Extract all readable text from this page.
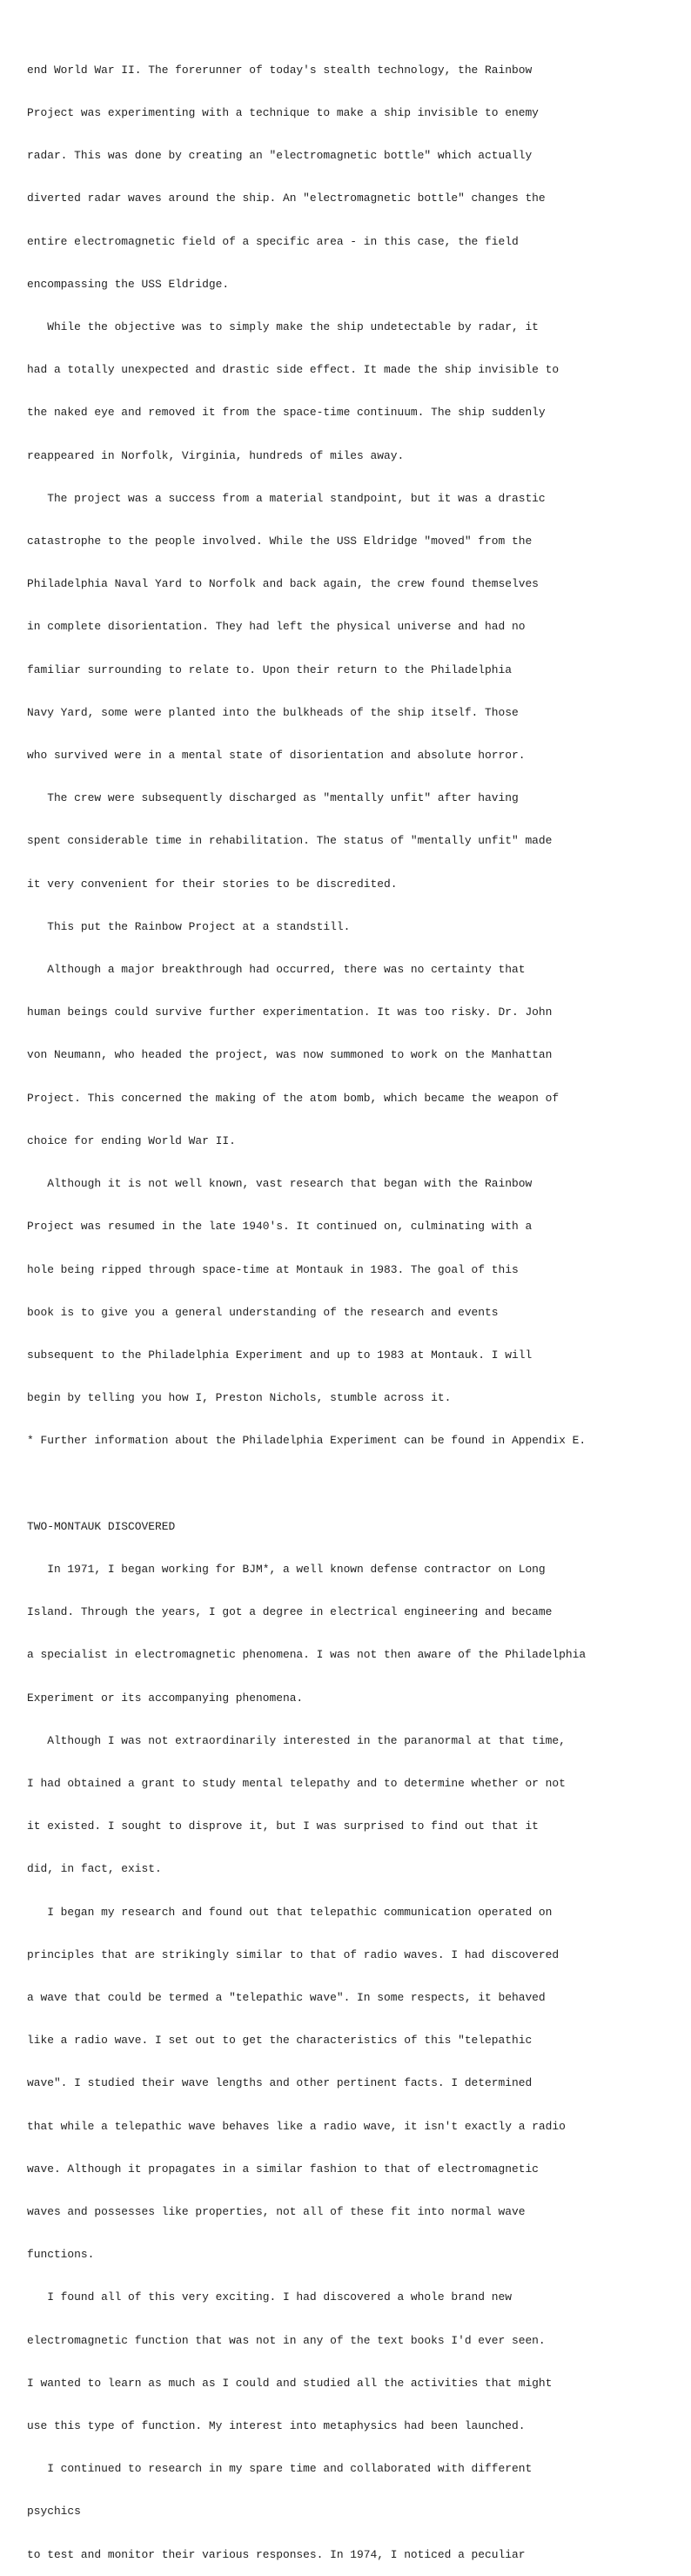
end World War II. The forerunner of today's stealth technology, the Rainbow

Project was experimenting with a technique to make a ship invisible to enemy

radar. This was done by creating an "electromagnetic bottle" which actually

diverted radar waves around the ship. An "electromagnetic bottle" changes the

entire electromagnetic field of a specific area - in this case, the field

encompassing the USS Eldridge.

While the objective was to simply make the ship undetectable by radar, it

had a totally unexpected and drastic side effect. It made the ship invisible to

the naked eye and removed it from the space-time continuum. The ship suddenly

reappeared in Norfolk, Virginia, hundreds of miles away.

The project was a success from a material standpoint, but it was a drastic

catastrophe to the people involved. While the USS Eldridge "moved" from the

Philadelphia Naval Yard to Norfolk and back again, the crew found themselves

in complete disorientation. They had left the physical universe and had no

familiar surrounding to relate to. Upon their return to the Philadelphia

Navy Yard, some were planted into the bulkheads of the ship itself. Those

who survived were in a mental state of disorientation and absolute horror.

The crew were subsequently discharged as "mentally unfit" after having

spent considerable time in rehabilitation. The status of "mentally unfit" made

it very convenient for their stories to be discredited.

This put the Rainbow Project at a standstill.

Although a major breakthrough had occurred, there was no certainty that

human beings could survive further experimentation. It was too risky. Dr. John

von Neumann, who headed the project, was now summoned to work on the Manhattan

Project. This concerned the making of the atom bomb, which became the weapon of

choice for ending World War II.

Although it is not well known, vast research that began with the Rainbow

Project was resumed in the late 1940's. It continued on, culminating with a

hole being ripped through space-time at Montauk in 1983. The goal of this

book is to give you a general understanding of the research and events

subsequent to the Philadelphia Experiment and up to 1983 at Montauk. I will

begin by telling you how I, Preston Nichols, stumble across it.

* Further information about the Philadelphia Experiment can be found in Appendix E.

TWO-MONTAUK DISCOVERED

In 1971, I began working for BJM*, a well known defense contractor on Long

Island. Through the years, I got a degree in electrical engineering and became

a specialist in electromagnetic phenomena. I was not then aware of the Philadelphia

Experiment or its accompanying phenomena.

Although I was not extraordinarily interested in the paranormal at that time,

I had obtained a grant to study mental telepathy and to determine whether or not

it existed. I sought to disprove it, but I was surprised to find out that it

did, in fact, exist.

I began my research and found out that telepathic communication operated on

principles that are strikingly similar to that of radio waves. I had discovered

a wave that could be termed a "telepathic wave". In some respects, it behaved

like a radio wave. I set out to get the characteristics of this "telepathic

wave". I studied their wave lengths and other pertinent facts. I determined

that while a telepathic wave behaves like a radio wave, it isn't exactly a radio

wave. Although it propagates in a similar fashion to that of electromagnetic

waves and possesses like properties, not all of these fit into normal wave

functions.

I found all of this very exciting. I had discovered a whole brand new

electromagnetic function that was not in any of the text books I'd ever seen.

I wanted to learn as much as I could and studied all the activities that might

use this type of function. My interest into metaphysics had been launched.

I continued to research in my spare time and collaborated with different

psychics

to test and monitor their various responses. In 1974, I noticed a peculiar
